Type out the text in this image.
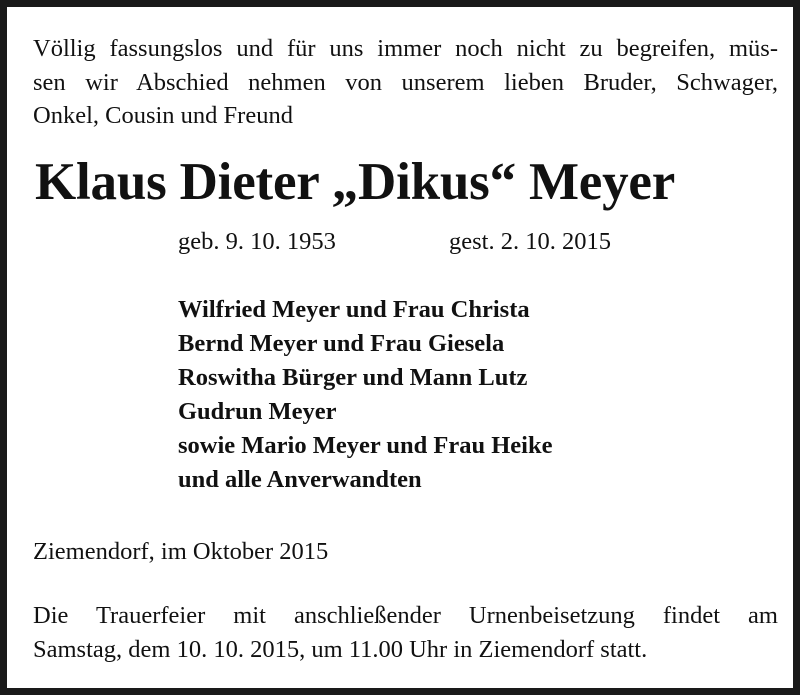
Völlig fassungslos und für uns immer noch nicht zu begreifen, müs-
sen wir Abschied nehmen von unserem lieben Bruder, Schwager,
Onkel, Cousin und Freund

Klaus Dieter „Dikus“ Meyer
geb. 9. 10. 1953	gest. 2. 10. 2015
Wilfried Meyer und Frau Christa
Bernd Meyer und Frau Giesela
Roswitha Bürger und Mann Lutz
Gudrun Meyer
sowie Mario Meyer und Frau Heike
und alle Anverwandten
Ziemendorf, im Oktober 2015

Die Trauerfeier mit anschließender Urnenbeisetzung findet am
Samstag, dem 10. 10. 2015, um 11.00 Uhr in Ziemendorf statt.
